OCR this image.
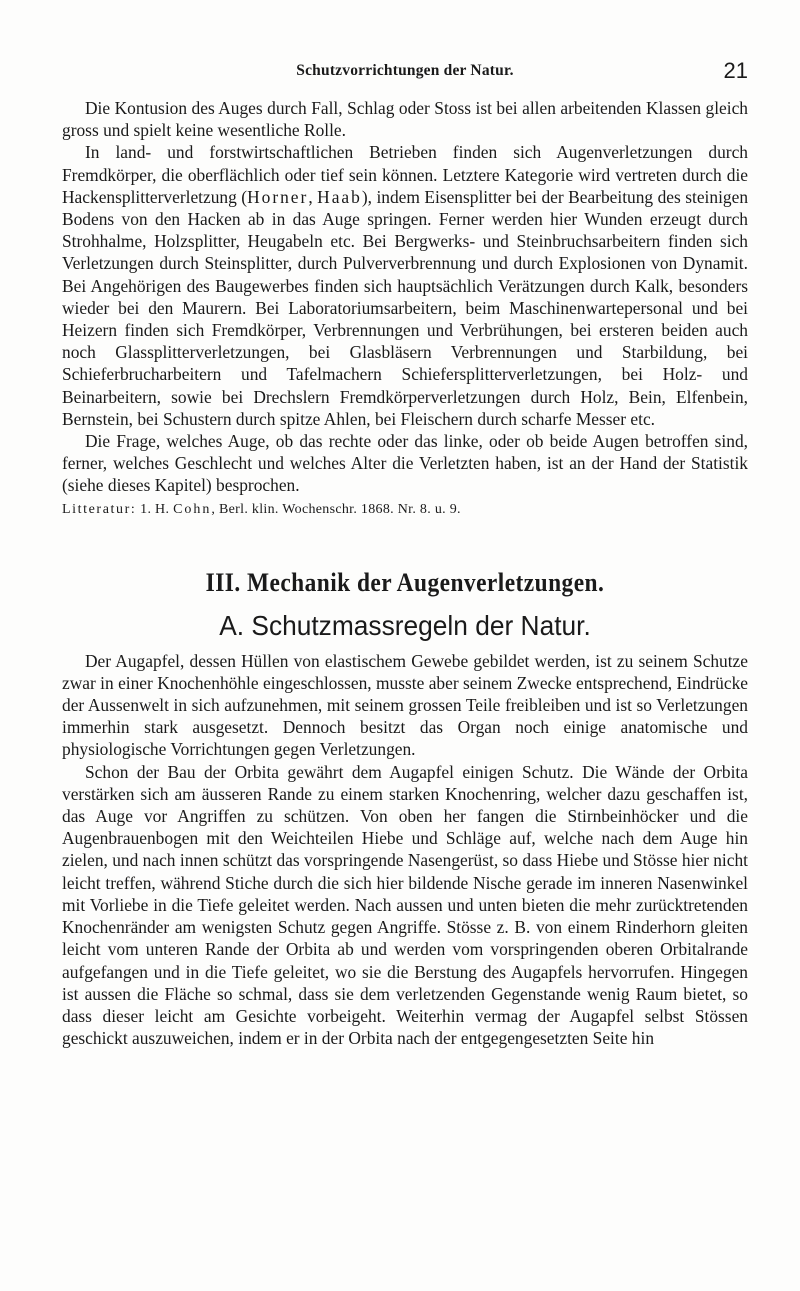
Schutzvorrichtungen der Natur.	21

Die Kontusion des Auges durch Fall, Schlag oder Stoss ist bei allen arbeitenden Klassen gleich gross und spielt keine wesentliche Rolle.

In land- und forstwirtschaftlichen Betrieben finden sich Augenverletzungen durch Fremdkörper, die oberflächlich oder tief sein können. Letztere Kategorie wird vertreten durch die Hackensplitterverletzung (Horner, Haab), indem Eisensplitter bei der Bearbeitung des steinigen Bodens von den Hacken ab in das Auge springen. Ferner werden hier Wunden erzeugt durch Strohhalme, Holzsplitter, Heugabeln etc. Bei Bergwerks- und Steinbruchsarbeitern finden sich Verletzungen durch Steinsplitter, durch Pulververbrennung und durch Explosionen von Dynamit. Bei Angehörigen des Baugewerbes finden sich hauptsächlich Verätzungen durch Kalk, besonders wieder bei den Maurern. Bei Laboratoriumsarbeitern, beim Maschinenwartepersonal und bei Heizern finden sich Fremdkörper, Verbrennungen und Verbrühungen, bei ersteren beiden auch noch Glassplitterverletzungen, bei Glasbläsern Verbrennungen und Starbildung, bei Schieferbrucharbeitern und Tafelmachern Schiefersplitterverletzungen, bei Holz- und Beinarbeitern, sowie bei Drechslern Fremdkörperverletzungen durch Holz, Bein, Elfenbein, Bernstein, bei Schustern durch spitze Ahlen, bei Fleischern durch scharfe Messer etc.

Die Frage, welches Auge, ob das rechte oder das linke, oder ob beide Augen betroffen sind, ferner, welches Geschlecht und welches Alter die Verletzten haben, ist an der Hand der Statistik (siehe dieses Kapitel) besprochen.

Litteratur: 1. H. Cohn, Berl. klin. Wochenschr. 1868. Nr. 8. u. 9.

III. Mechanik der Augenverletzungen.
A. Schutzmassregeln der Natur.

Der Augapfel, dessen Hüllen von elastischem Gewebe gebildet werden, ist zu seinem Schutze zwar in einer Knochenhöhle eingeschlossen, musste aber seinem Zwecke entsprechend, Eindrücke der Aussenwelt in sich aufzunehmen, mit seinem grossen Teile freibleiben und ist so Verletzungen immerhin stark ausgesetzt. Dennoch besitzt das Organ noch einige anatomische und physiologische Vorrichtungen gegen Verletzungen.

Schon der Bau der Orbita gewährt dem Augapfel einigen Schutz. Die Wände der Orbita verstärken sich am äusseren Rande zu einem starken Knochenring, welcher dazu geschaffen ist, das Auge vor Angriffen zu schützen. Von oben her fangen die Stirnbeinhöcker und die Augenbrauenbogen mit den Weichteilen Hiebe und Schläge auf, welche nach dem Auge hin zielen, und nach innen schützt das vorspringende Nasengerüst, so dass Hiebe und Stösse hier nicht leicht treffen, während Stiche durch die sich hier bildende Nische gerade im inneren Nasenwinkel mit Vorliebe in die Tiefe geleitet werden. Nach aussen und unten bieten die mehr zurücktretenden Knochenränder am wenigsten Schutz gegen Angriffe. Stösse z. B. von einem Rinderhorn gleiten leicht vom unteren Rande der Orbita ab und werden vom vorspringenden oberen Orbitalrande aufgefangen und in die Tiefe geleitet, wo sie die Berstung des Augapfels hervorrufen. Hingegen ist aussen die Fläche so schmal, dass sie dem verletzenden Gegenstande wenig Raum bietet, so dass dieser leicht am Gesichte vorbeigeht. Weiterhin vermag der Augapfel selbst Stössen geschickt auszuweichen, indem er in der Orbita nach der entgegengesetzten Seite hin
